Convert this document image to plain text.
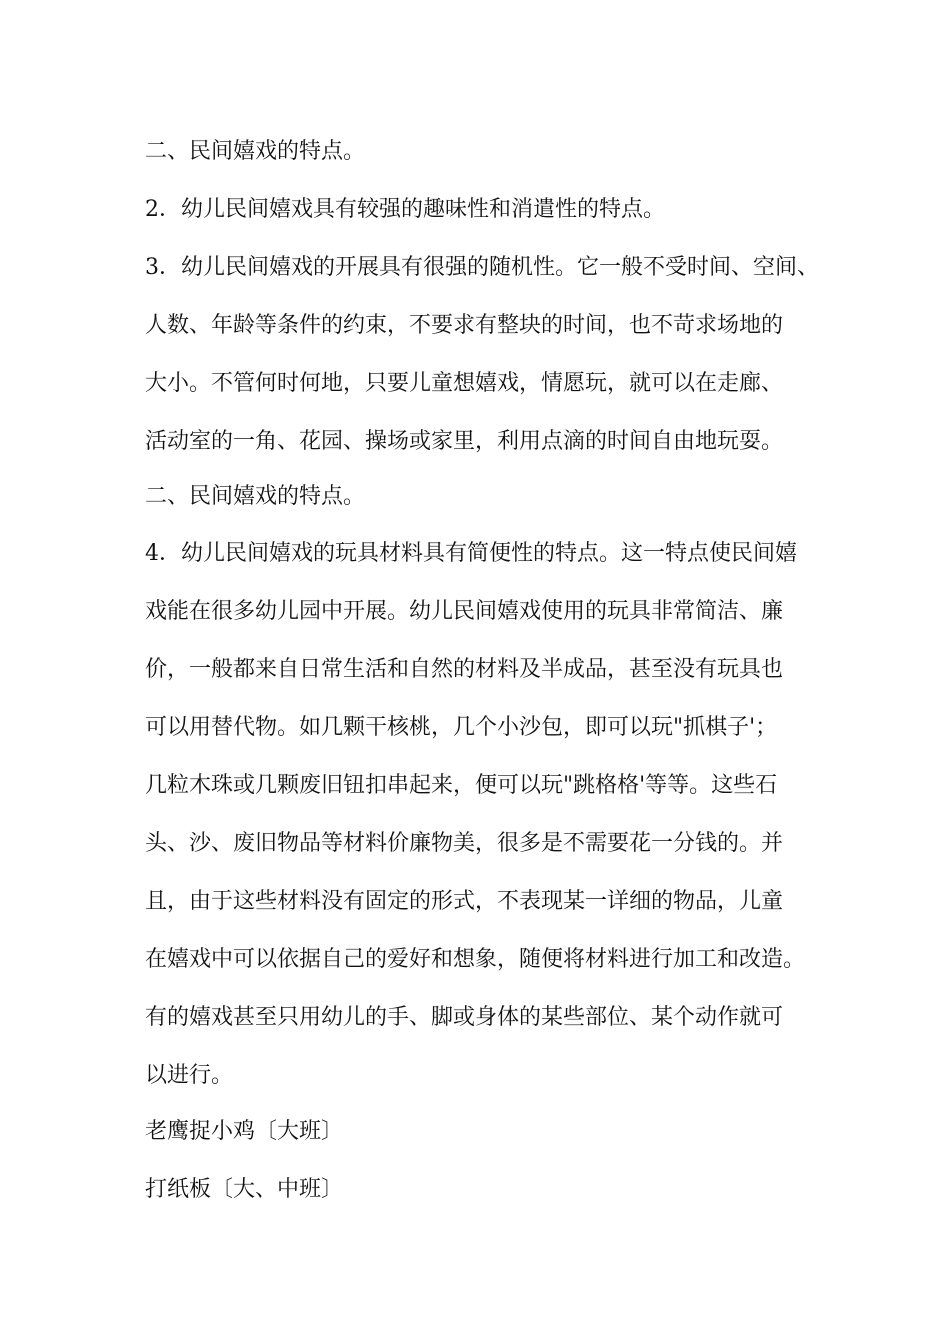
二、民间嬉戏的特点。
2．幼儿民间嬉戏具有较强的趣味性和消遣性的特点。
3．幼儿民间嬉戏的开展具有很强的随机性。它一般不受时间、空间、
人数、年龄等条件的约束，不要求有整块的时间，也不苛求场地的
大小。不管何时何地，只要儿童想嬉戏，情愿玩，就可以在走廊、
活动室的一角、花园、操场或家里，利用点滴的时间自由地玩耍。
二、民间嬉戏的特点。
4．幼儿民间嬉戏的玩具材料具有简便性的特点。这一特点使民间嬉
戏能在很多幼儿园中开展。幼儿民间嬉戏使用的玩具非常简洁、廉
价，一般都来自日常生活和自然的材料及半成品，甚至没有玩具也
可以用替代物。如几颗干核桃，几个小沙包，即可以玩"抓棋子'；
几粒木珠或几颗废旧钮扣串起来，便可以玩"跳格格'等等。这些石
头、沙、废旧物品等材料价廉物美，很多是不需要花一分钱的。并
且，由于这些材料没有固定的形式，不表现某一详细的物品，儿童
在嬉戏中可以依据自己的爱好和想象，随便将材料进行加工和改造。
有的嬉戏甚至只用幼儿的手、脚或身体的某些部位、某个动作就可
以进行。
老鹰捉小鸡〔大班〕
打纸板〔大、中班〕
